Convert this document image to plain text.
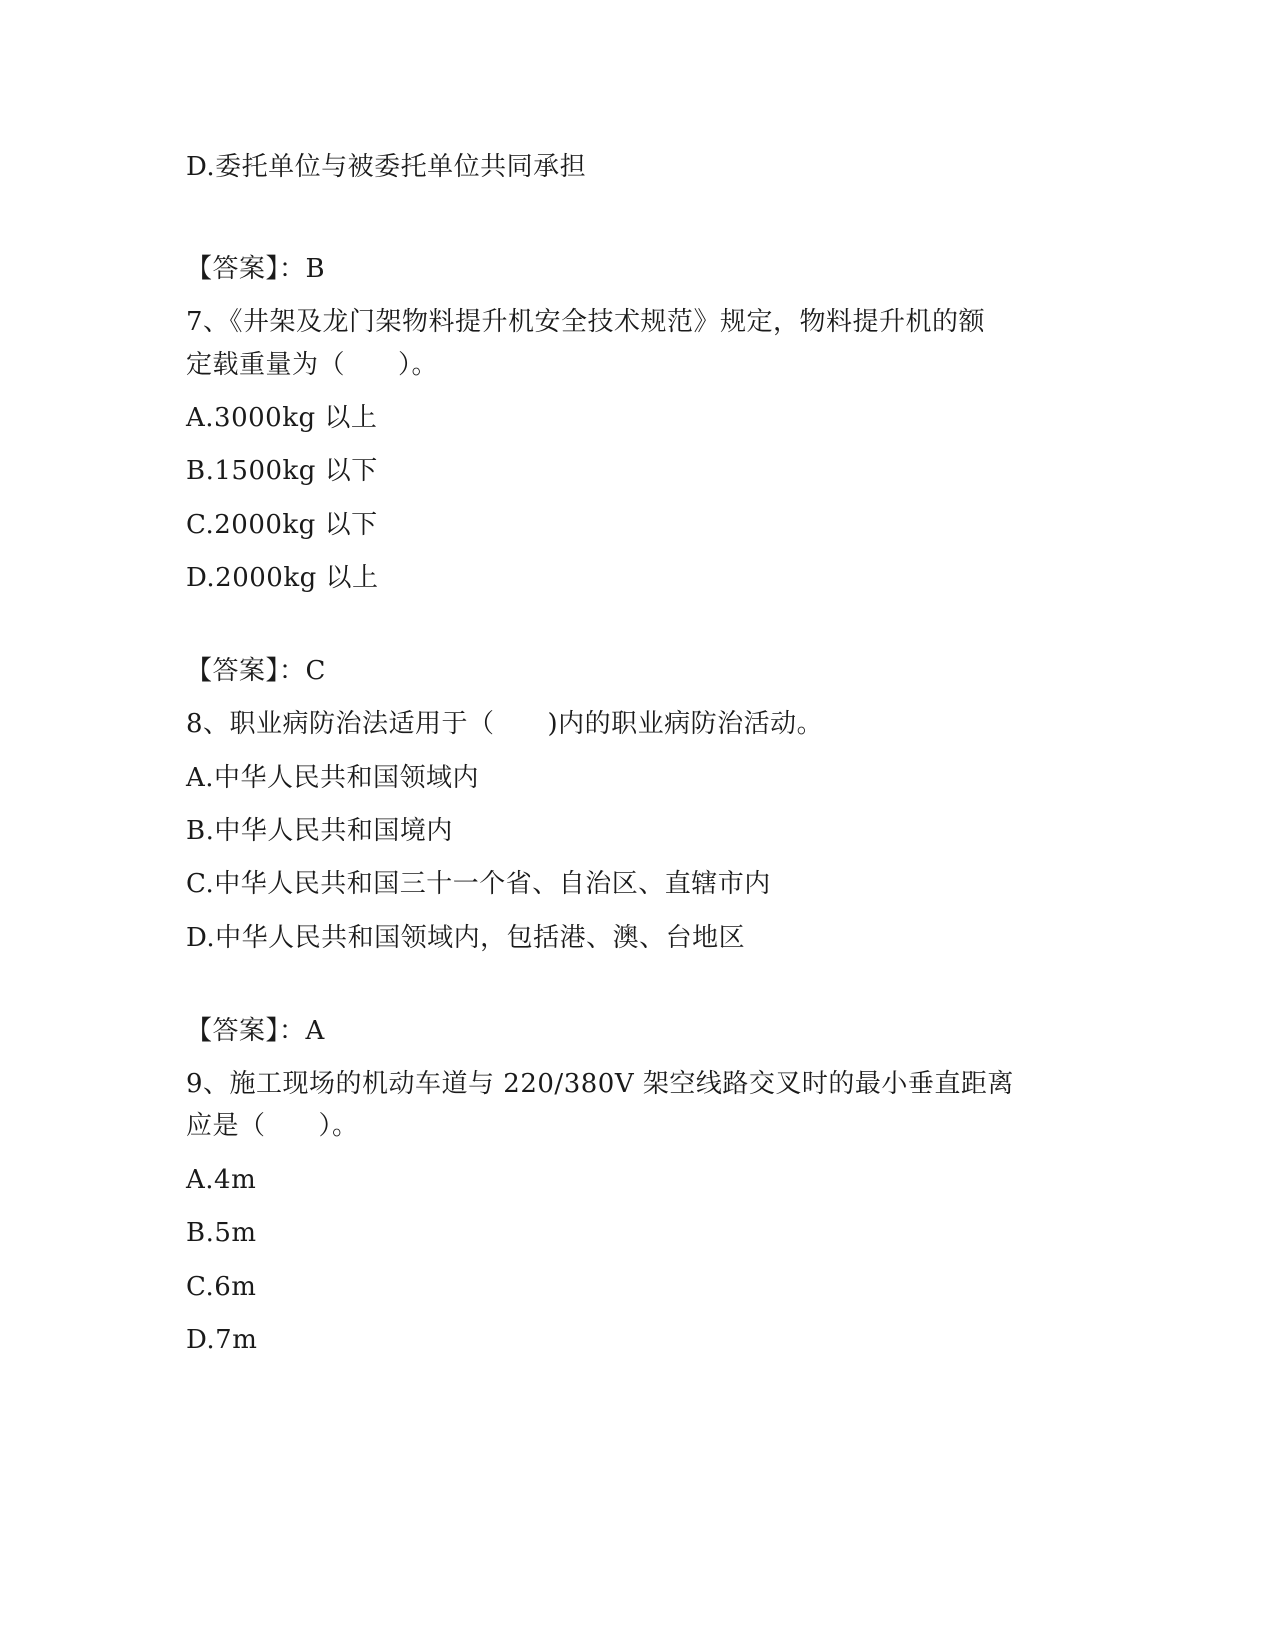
D.委托单位与被委托单位共同承担
【答案】：B
7、《井架及龙门架物料提升机安全技术规范》规定，物料提升机的额
定载重量为（　　）。
A.3000kg 以上
B.1500kg 以下
C.2000kg 以下
D.2000kg 以上
【答案】：C
8、职业病防治法适用于（　　)内的职业病防治活动。
A.中华人民共和国领域内
B.中华人民共和国境内
C.中华人民共和国三十一个省、自治区、直辖市内
D.中华人民共和国领域内，包括港、澳、台地区
【答案】：A
9、施工现场的机动车道与 220/380V 架空线路交叉时的最小垂直距离
应是（　　）。
A.4m
B.5m
C.6m
D.7m
